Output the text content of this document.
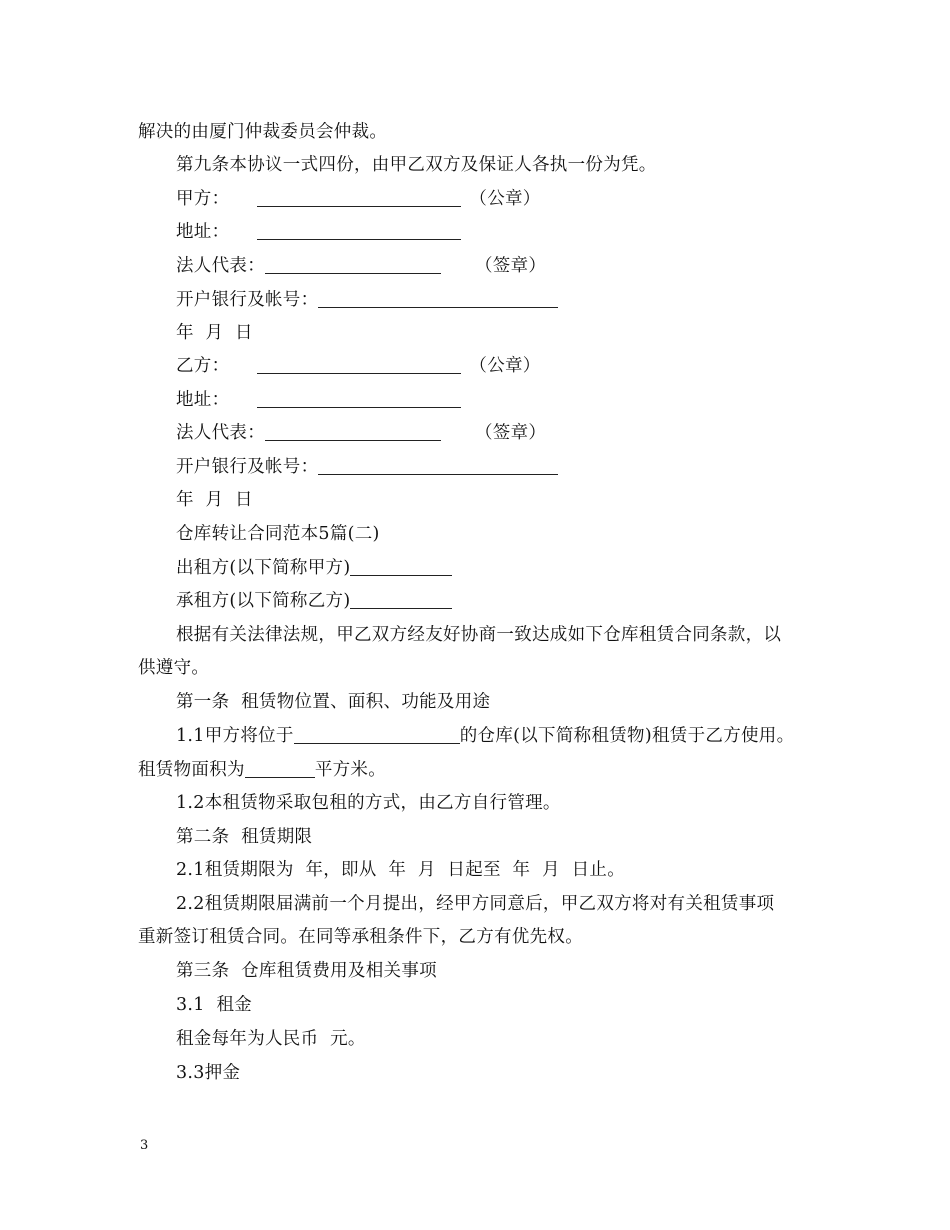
解决的由厦门仲裁委员会仲裁。
第九条本协议一式四份，由甲乙双方及保证人各执一份为凭。
甲方：	（公章）
地址：
法人代表：	（签章）
开户银行及帐号：
年  月  日
乙方：	（公章）
地址：
法人代表：	（签章）
开户银行及帐号：
年  月  日
仓库转让合同范本5篇(二)
出租方(以下简称甲方)
承租方(以下简称乙方)
根据有关法律法规，甲乙双方经友好协商一致达成如下仓库租赁合同条款，以
供遵守。
第一条  租赁物位置、面积、功能及用途
1.1甲方将位于	的仓库(以下简称租赁物)租赁于乙方使用。
租赁物面积为	平方米。
1.2本租赁物采取包租的方式，由乙方自行管理。
第二条  租赁期限
2.1租赁期限为  年，即从  年  月  日起至  年  月  日止。
2.2租赁期限届满前一个月提出，经甲方同意后，甲乙双方将对有关租赁事项
重新签订租赁合同。在同等承租条件下，乙方有优先权。
第三条  仓库租赁费用及相关事项
3.1  租金
租金每年为人民币  元。
3.3押金
3
